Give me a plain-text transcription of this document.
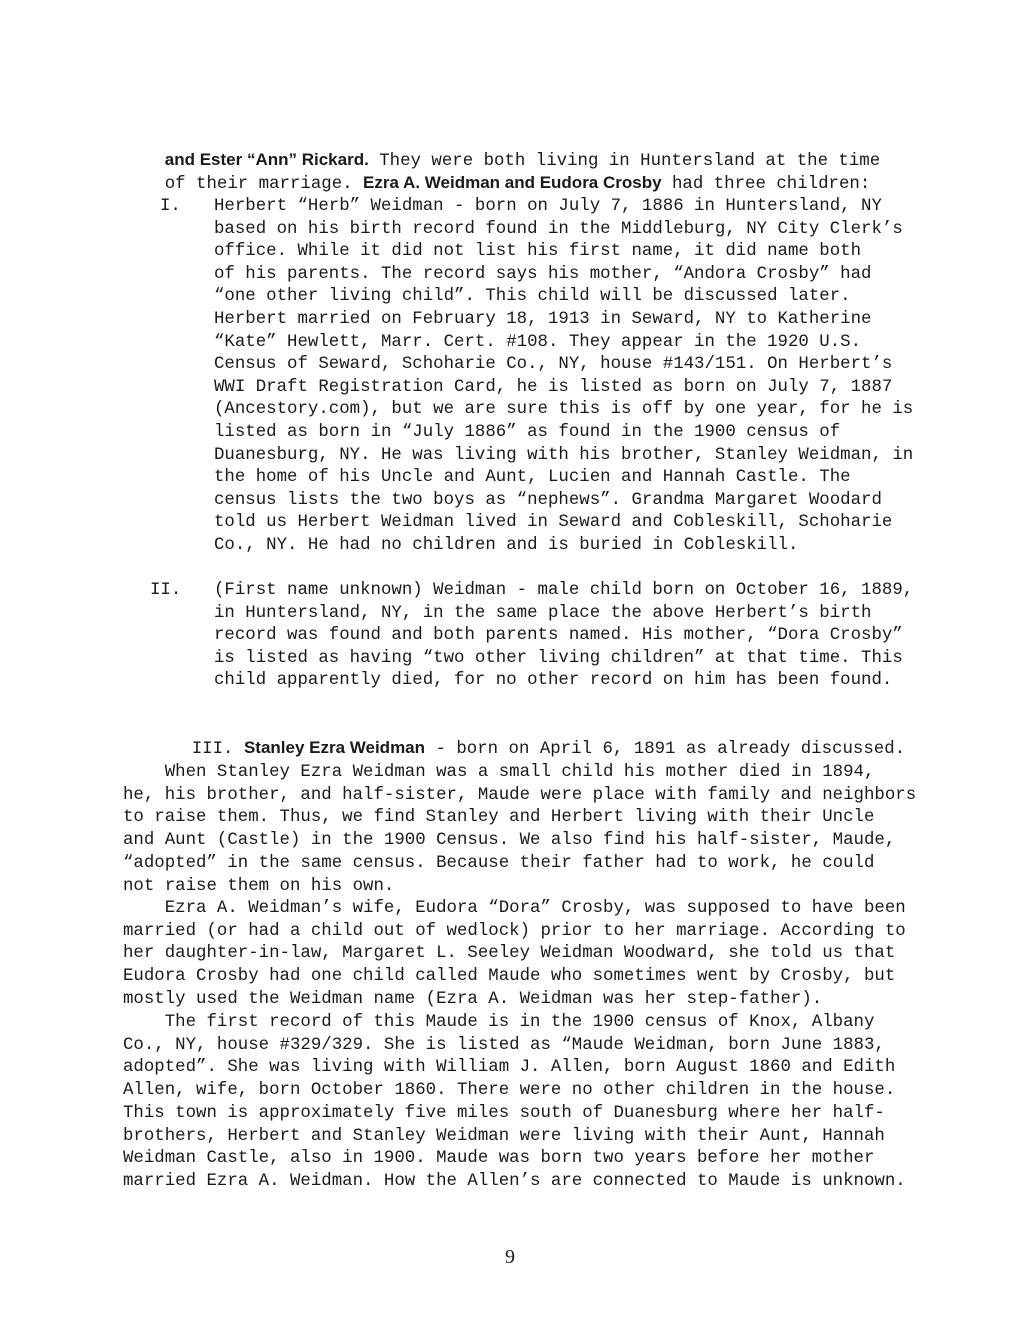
and Ester “Ann” Rickard. They were both living in Huntersland at the time

of their marriage. Ezra A. Weidman and Eudora Crosby had three children:

I. Herbert “Herb” Weidman - born on July 7, 1886 in Huntersland, NY
based on his birth record found in the Middleburg, NY City Clerk’s
office. While it did not list his first name, it did name both
of his parents. The record says his mother, “Andora Crosby” had
“one other living child”. This child will be discussed later.
Herbert married on February 18, 1913 in Seward, NY to Katherine
“Kate” Hewlett, Marr. Cert. #108. They appear in the 1920 U.S.
Census of Seward, Schoharie Co., NY, house #143/151. On Herbert’s
WWI Draft Registration Card, he is listed as born on July 7, 1887
(Ancestory.com), but we are sure this is off by one year, for he is
listed as born in “July 1886” as found in the 1900 census of
Duanesburg, NY. He was living with his brother, Stanley Weidman, in
the home of his Uncle and Aunt, Lucien and Hannah Castle. The
census lists the two boys as “nephews”. Grandma Margaret Woodard
told us Herbert Weidman lived in Seward and Cobleskill, Schoharie
Co., NY. He had no children and is buried in Cobleskill.
II. (First name unknown) Weidman - male child born on October 16, 1889,
in Huntersland, NY, in the same place the above Herbert’s birth
record was found and both parents named. His mother, “Dora Crosby”
is listed as having “two other living children” at that time. This
child apparently died, for no other record on him has been found.

III. Stanley Ezra Weidman - born on April 6, 1891 as already discussed.

When Stanley Ezra Weidman was a small child his mother died in 1894,
he, his brother, and half-sister, Maude were place with family and neighbors
to raise them. Thus, we find Stanley and Herbert living with their Uncle
and Aunt (Castle) in the 1900 Census. We also find his half-sister, Maude,
“adopted” in the same census. Because their father had to work, he could
not raise them on his own.
Ezra A. Weidman’s wife, Eudora “Dora” Crosby, was supposed to have been
married (or had a child out of wedlock) prior to her marriage. According to
her daughter-in-law, Margaret L. Seeley Weidman Woodward, she told us that
Eudora Crosby had one child called Maude who sometimes went by Crosby, but
mostly used the Weidman name (Ezra A. Weidman was her step-father).
The first record of this Maude is in the 1900 census of Knox, Albany
Co., NY, house #329/329. She is listed as “Maude Weidman, born June 1883,
adopted”. She was living with William J. Allen, born August 1860 and Edith
Allen, wife, born October 1860. There were no other children in the house.
This town is approximately five miles south of Duanesburg where her half-
brothers, Herbert and Stanley Weidman were living with their Aunt, Hannah
Weidman Castle, also in 1900. Maude was born two years before her mother
married Ezra A. Weidman. How the Allen’s are connected to Maude is unknown.
9
